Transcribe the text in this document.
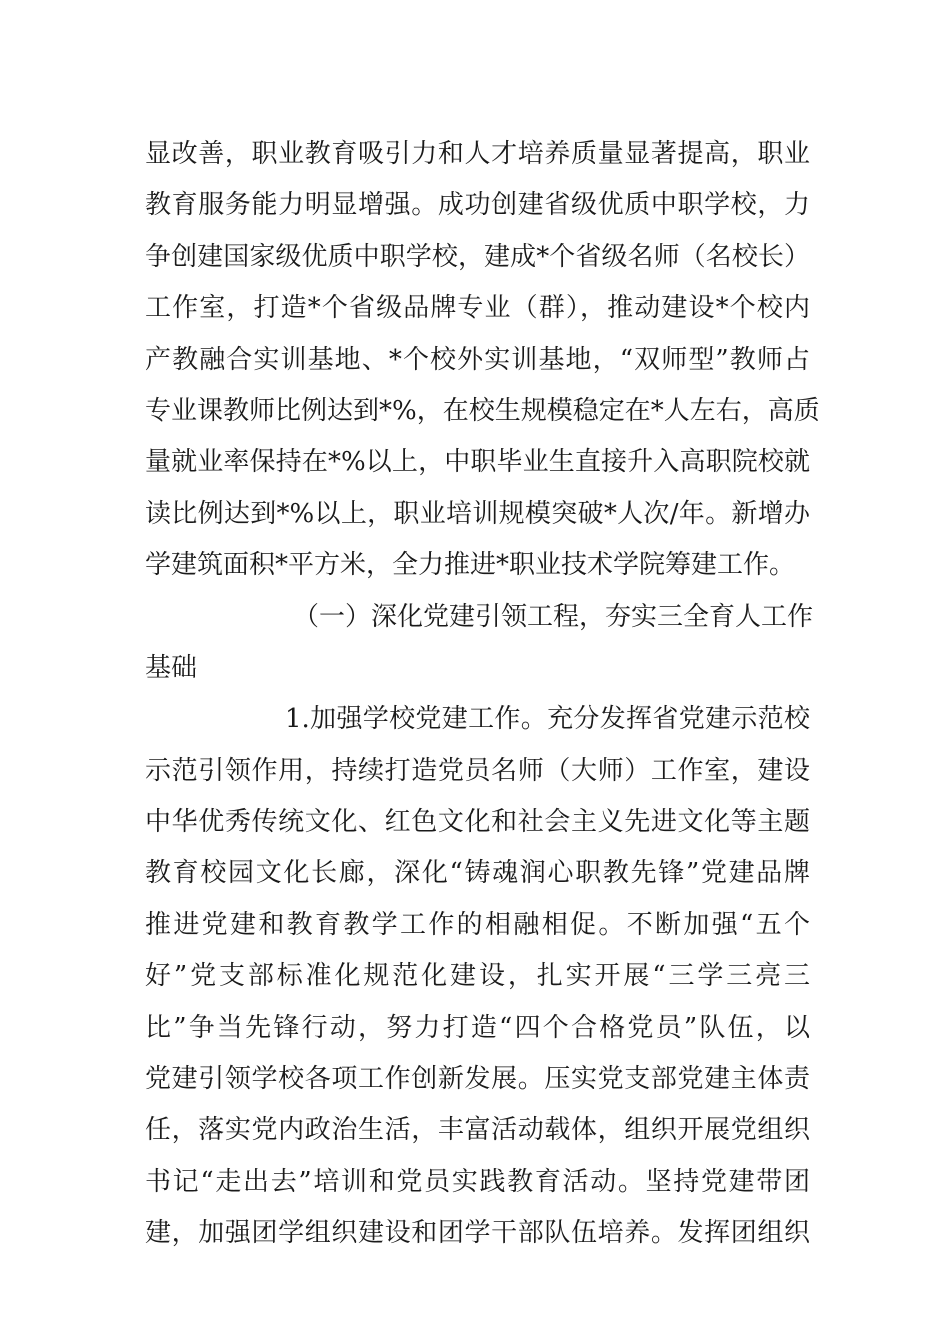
显改善，职业教育吸引力和人才培养质量显著提高，职业
教育服务能力明显增强。成功创建省级优质中职学校，力
争创建国家级优质中职学校，建成*个省级名师（名校长）
工作室，打造*个省级品牌专业（群），推动建设*个校内
产教融合实训基地、*个校外实训基地，“双师型”教师占
专业课教师比例达到*%，在校生规模稳定在*人左右，高质
量就业率保持在*%以上，中职毕业生直接升入高职院校就
读比例达到*%以上，职业培训规模突破*人次/年。新增办
学建筑面积*平方米，全力推进*职业技术学院筹建工作。
（一）深化党建引领工程，夯实三全育人工作
基础
1.加强学校党建工作。充分发挥省党建示范校
示范引领作用，持续打造党员名师（大师）工作室，建设
中华优秀传统文化、红色文化和社会主义先进文化等主题
教育校园文化长廊，深化“铸魂润心职教先锋”党建品牌
推进党建和教育教学工作的相融相促。不断加强“五个
好”党支部标准化规范化建设，扎实开展“三学三亮三
比”争当先锋行动，努力打造“四个合格党员”队伍，以
党建引领学校各项工作创新发展。压实党支部党建主体责
任，落实党内政治生活，丰富活动载体，组织开展党组织
书记“走出去”培训和党员实践教育活动。坚持党建带团
建，加强团学组织建设和团学干部队伍培养。发挥团组织
